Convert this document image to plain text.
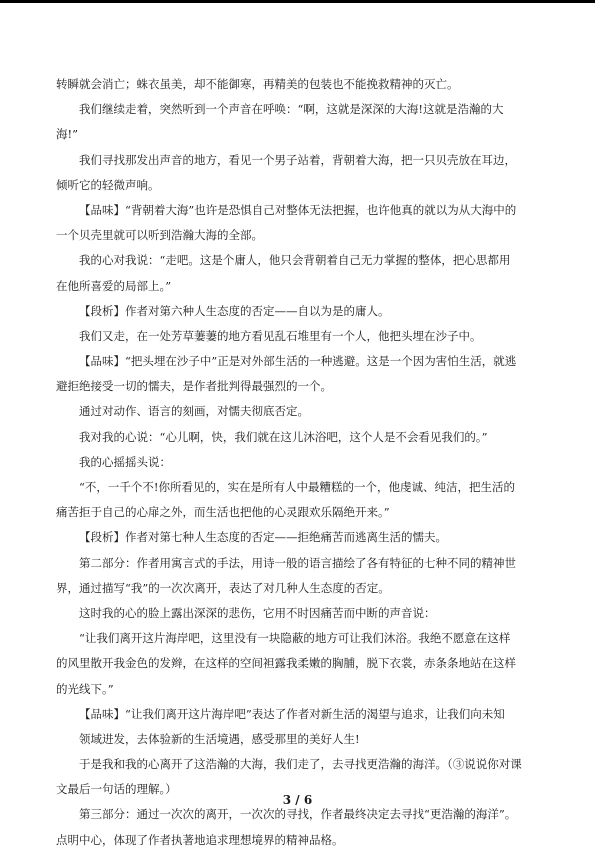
转瞬就会消亡；蛛衣虽美，却不能御寒，再精美的包装也不能挽救精神的灭亡。
我们继续走着，突然听到一个声音在呼唤：“啊，这就是深深的大海!这就是浩瀚的大
海!”
我们寻找那发出声音的地方，看见一个男子站着，背朝着大海，把一只贝壳放在耳边，
倾听它的轻微声响。
【品味】“背朝着大海”也许是恐惧自己对整体无法把握，也许他真的就以为从大海中的
一个贝壳里就可以听到浩瀚大海的全部。
我的心对我说：“走吧。这是个庸人，他只会背朝着自己无力掌握的整体，把心思都用
在他所喜爱的局部上。”
【段析】作者对第六种人生态度的否定——自以为是的庸人。
我们又走，在一处芳草萋萋的地方看见乱石堆里有一个人，他把头埋在沙子中。
【品味】“把头埋在沙子中”正是对外部生活的一种逃避。这是一个因为害怕生活，就逃
避拒绝接受一切的懦夫，是作者批判得最强烈的一个。
通过对动作、语言的刻画，对懦夫彻底否定。
我对我的心说：“心儿啊，快，我们就在这儿沐浴吧，这个人是不会看见我们的。”
我的心摇摇头说：
“不，一千个不!你所看见的，实在是所有人中最糟糕的一个，他虔诚、纯洁，把生活的
痛苦拒于自己的心扉之外，而生活也把他的心灵跟欢乐隔绝开来。”
【段析】作者对第七种人生态度的否定——拒绝痛苦而逃离生活的懦夫。
第二部分：作者用寓言式的手法，用诗一般的语言描绘了各有特征的七种不同的精神世
界，通过描写“我”的一次次离开，表达了对几种人生态度的否定。
这时我的心的脸上露出深深的悲伤，它用不时因痛苦而中断的声音说：
“让我们离开这片海岸吧，这里没有一块隐蔽的地方可让我们沐浴。我绝不愿意在这样
的风里散开我金色的发辫，在这样的空间袒露我柔嫩的胸脯，脱下衣裳，赤条条地站在这样
的光线下。”
【品味】“让我们离开这片海岸吧”表达了作者对新生活的渴望与追求，让我们向未知
领域进发，去体验新的生活境遇，感受那里的美好人生!
于是我和我的心离开了这浩瀚的大海，我们走了，去寻找更浩瀚的海洋。（③说说你对课
文最后一句话的理解。）
第三部分：通过一次次的离开，一次次的寻找，作者最终决定去寻找“更浩瀚的海洋”。
点明中心，体现了作者执著地追求理想境界的精神品格。
3 / 6
